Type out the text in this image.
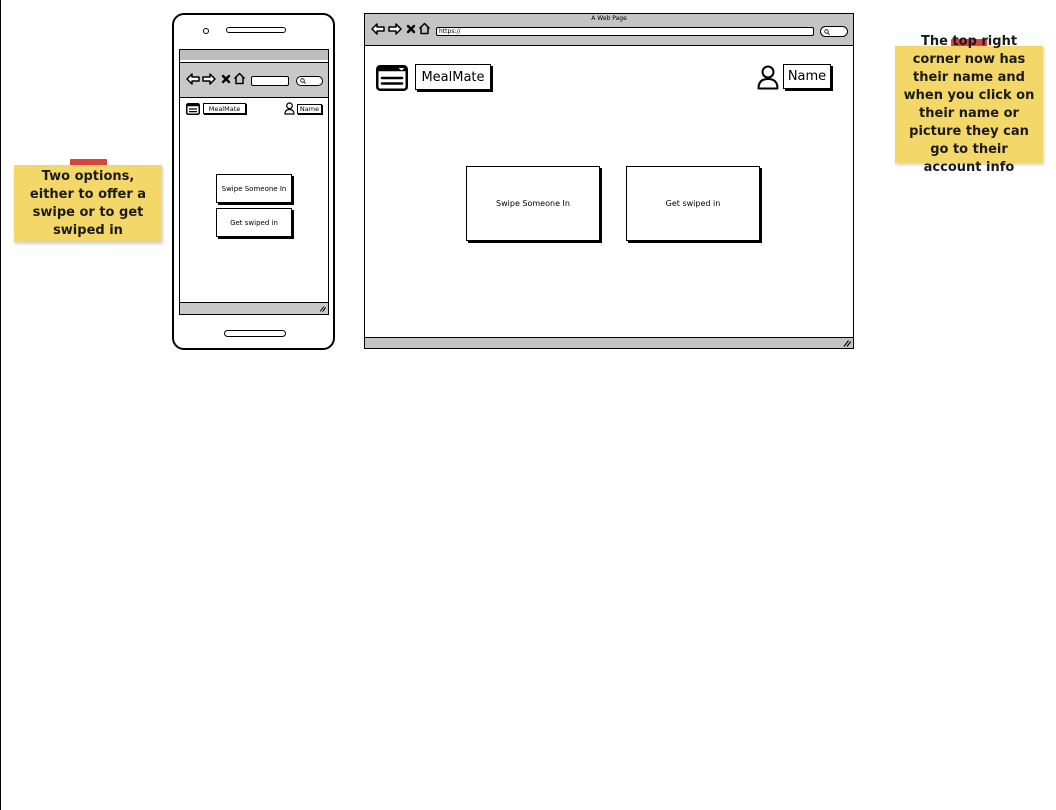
Two options, either to offer a swipe or to get swiped in
The top right corner now has their name and when you click on their name or picture they can go to their account info
MealMate	Name
Swipe Someone In
Get swiped in
A Web Page
https://
MealMate	Name
Swipe Someone In	Get swiped in
